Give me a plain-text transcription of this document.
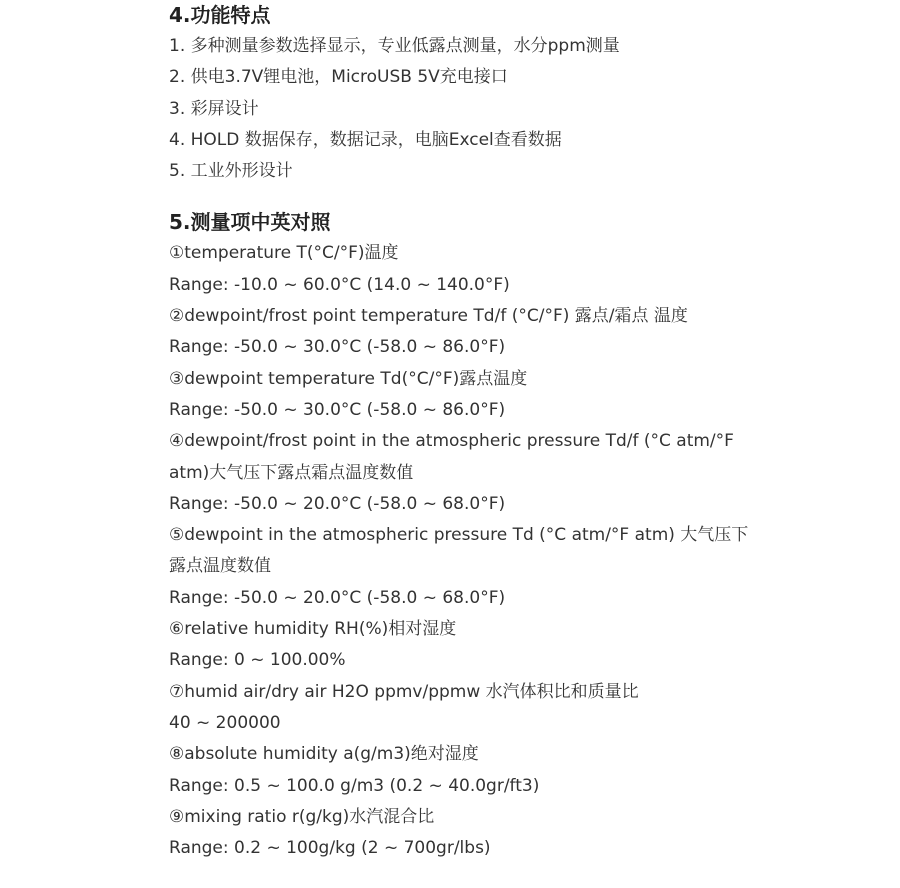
4.功能特点
1. 多种测量参数选择显示，专业低露点测量，水分ppm测量
2. 供电3.7V锂电池，MicroUSB 5V充电接口
3. 彩屏设计
4. HOLD 数据保存，数据记录，电脑Excel查看数据
5. 工业外形设计
5.测量项中英对照
①temperature T(°C/°F)温度
Range: -10.0 ~ 60.0°C (14.0 ~ 140.0°F)
②dewpoint/frost point temperature Td/f (°C/°F) 露点/霜点 温度
Range: -50.0 ~ 30.0°C (-58.0 ~ 86.0°F)
③dewpoint temperature Td(°C/°F)露点温度
Range: -50.0 ~ 30.0°C (-58.0 ~ 86.0°F)
④dewpoint/frost point in the atmospheric pressure Td/f (°C atm/°F
atm)大气压下露点霜点温度数值
Range: -50.0 ~ 20.0°C (-58.0 ~ 68.0°F)
⑤dewpoint in the atmospheric pressure Td (°C atm/°F atm) 大气压下
露点温度数值
Range: -50.0 ~ 20.0°C (-58.0 ~ 68.0°F)
⑥relative humidity RH(%)相对湿度
Range: 0 ~ 100.00%
⑦humid air/dry air H2O ppmv/ppmw 水汽体积比和质量比
40 ~ 200000
⑧absolute humidity a(g/m3)绝对湿度
Range: 0.5 ~ 100.0 g/m3 (0.2 ~ 40.0gr/ft3)
⑨mixing ratio r(g/kg)水汽混合比
Range: 0.2 ~ 100g/kg (2 ~ 700gr/lbs)
